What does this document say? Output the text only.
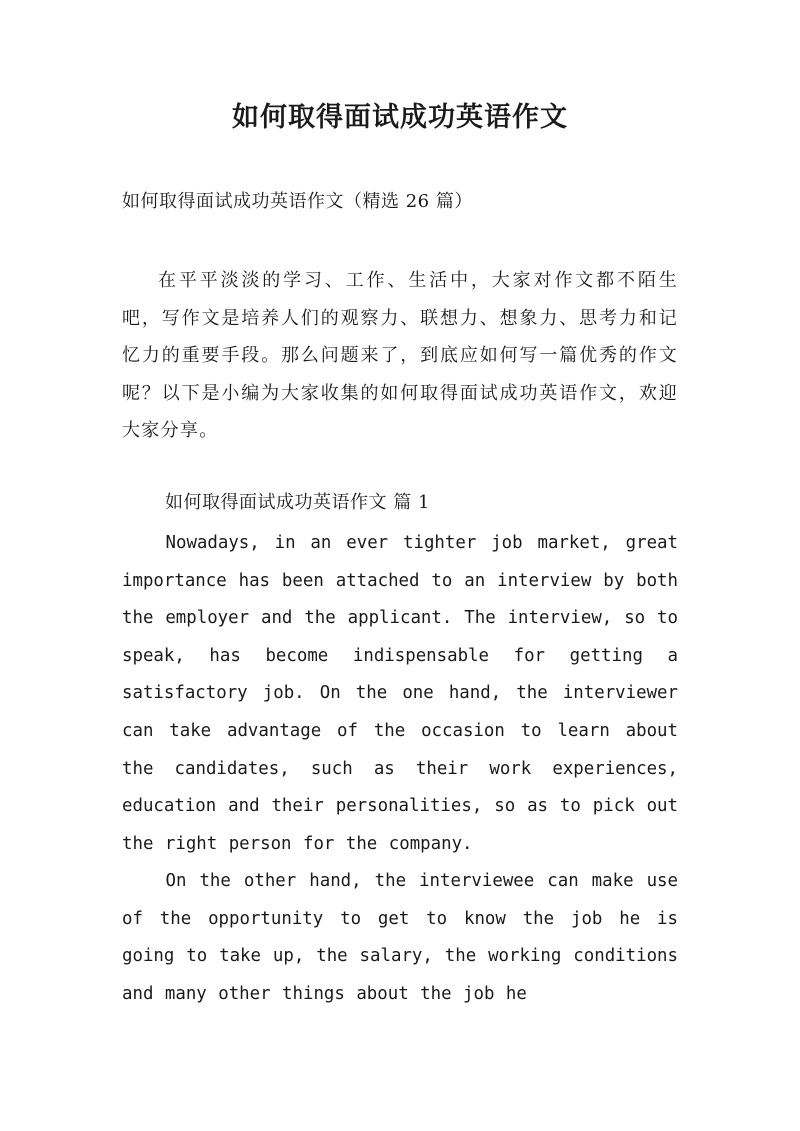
如何取得面试成功英语作文
如何取得面试成功英语作文（精选 26 篇）
在平平淡淡的学习、工作、生活中，大家对作文都不陌生吧，写作文是培养人们的观察力、联想力、想象力、思考力和记忆力的重要手段。那么问题来了，到底应如何写一篇优秀的作文呢？以下是小编为大家收集的如何取得面试成功英语作文，欢迎大家分享。
如何取得面试成功英语作文 篇 1
Nowadays, in an ever tighter job market, great importance has been attached to an interview by both the employer and the applicant. The interview, so to speak, has become indispensable for getting a satisfactory job. On the one hand, the interviewer can take advantage of the occasion to learn about the candidates, such as their work experiences, education and their personalities, so as to pick out the right person for the company.
On the other hand, the interviewee can make use of the opportunity to get to know the job he is going to take up, the salary, the working conditions and many other things about the job he
